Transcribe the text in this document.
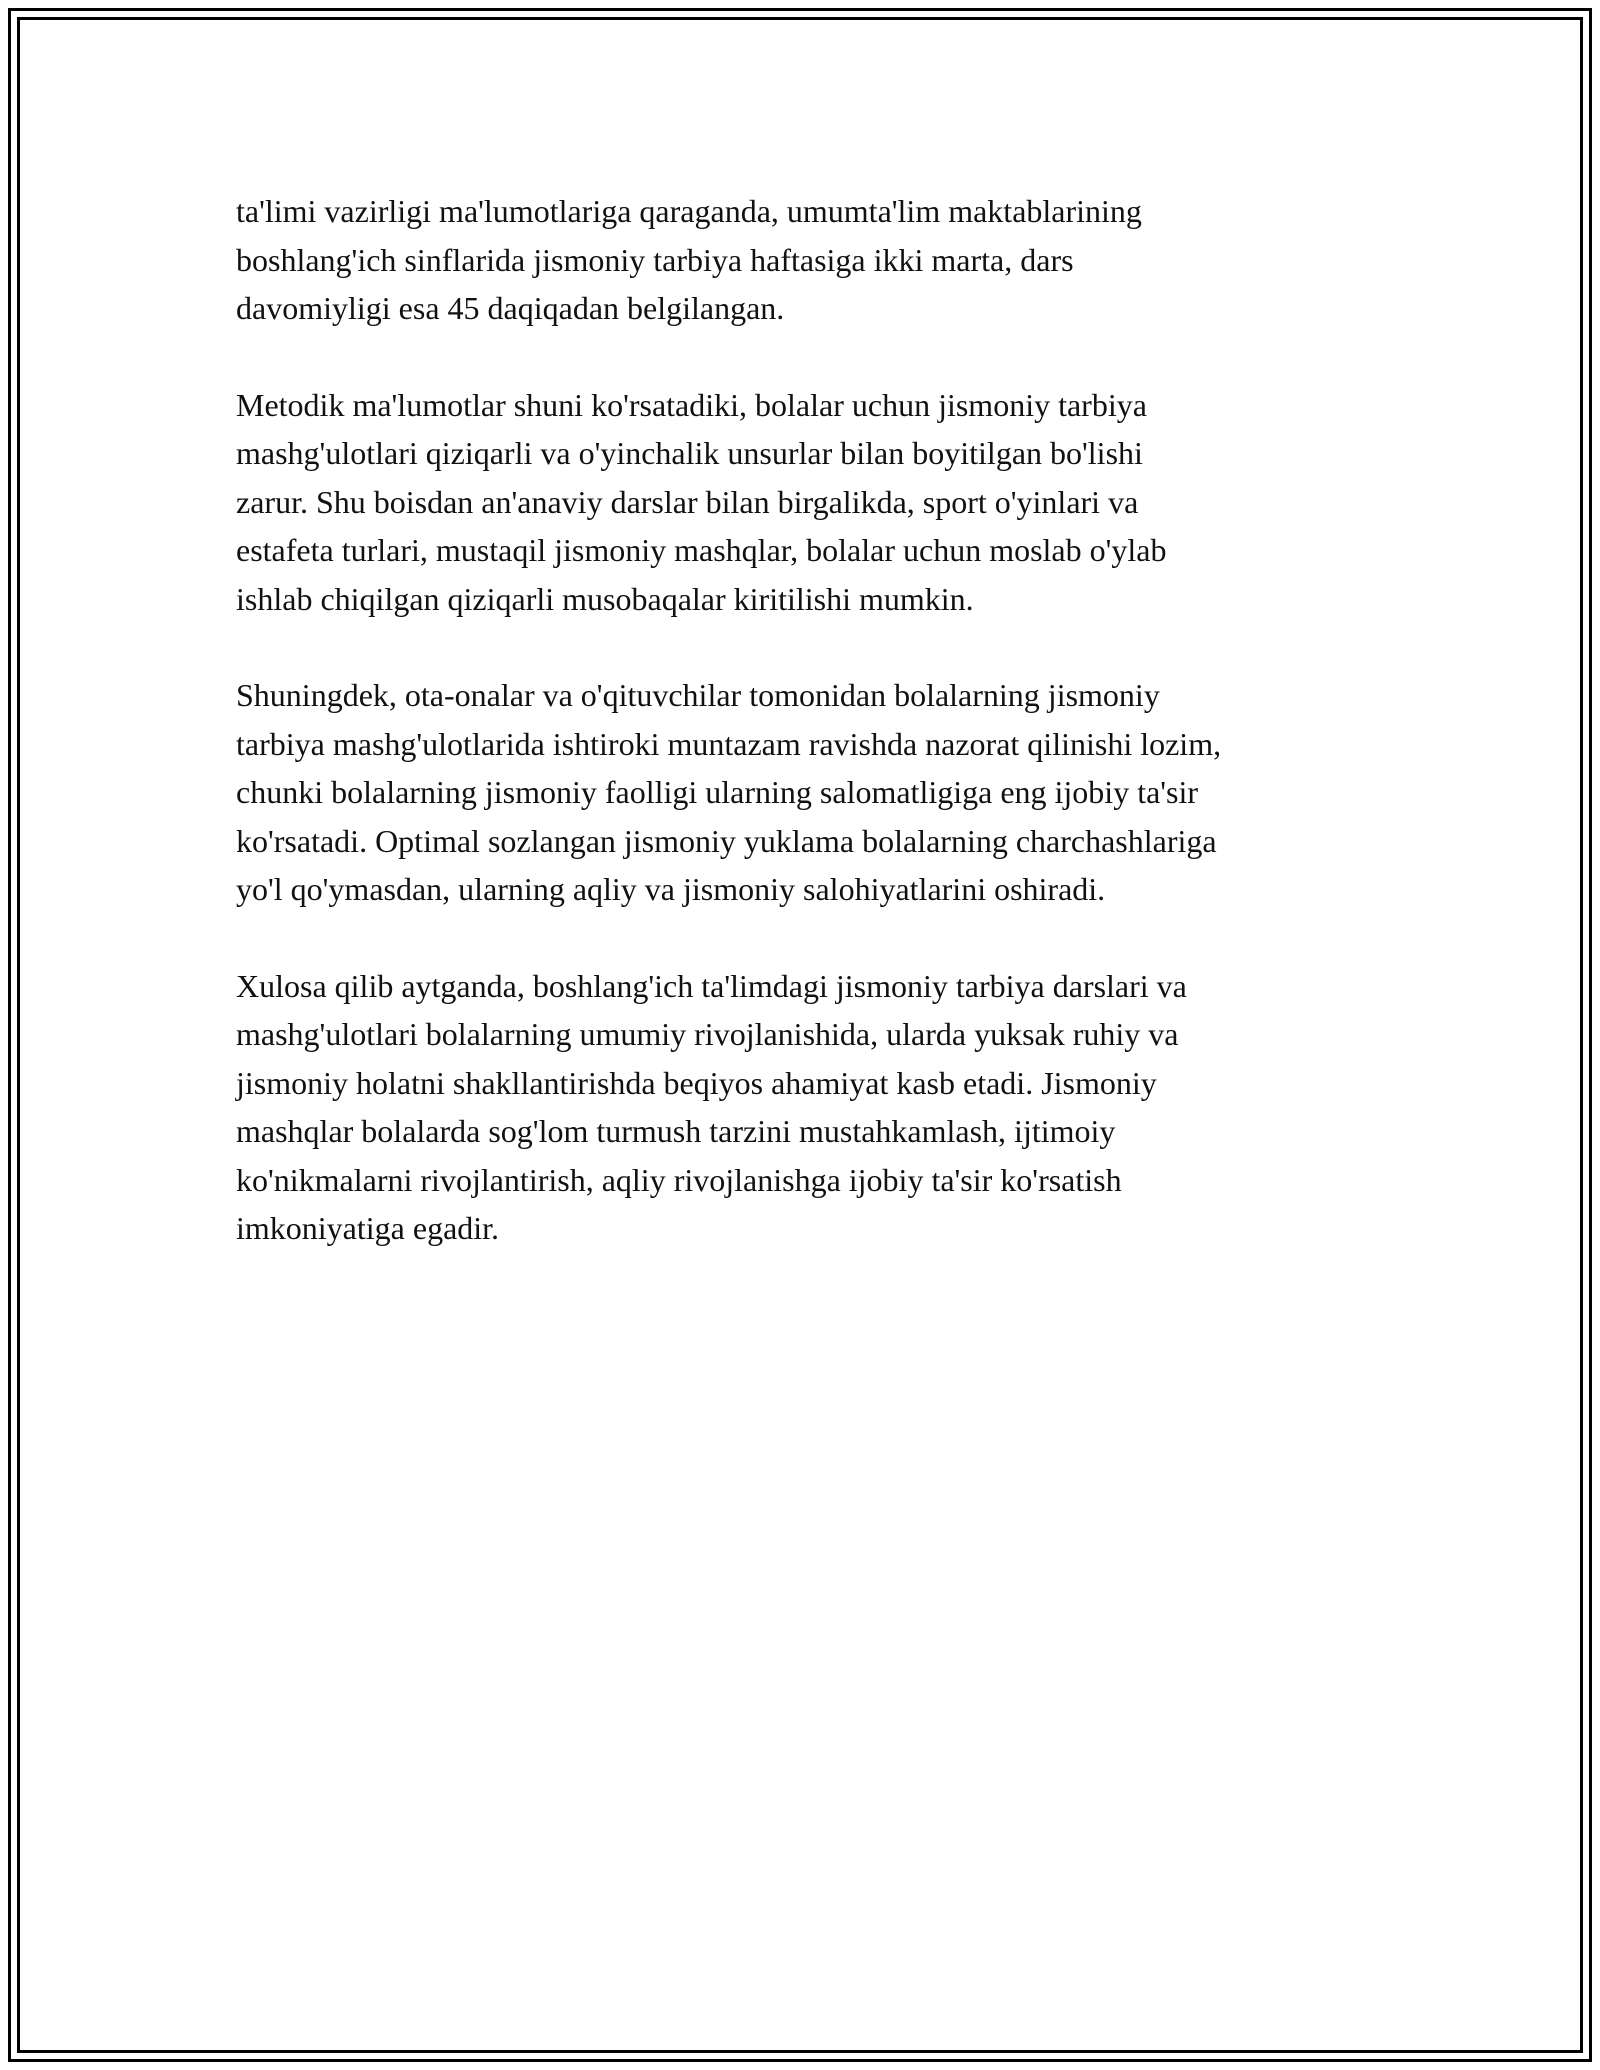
ta'limi vazirligi ma'lumotlariga qaraganda, umumta'lim maktablarining
boshlang'ich sinflarida jismoniy tarbiya haftasiga ikki marta, dars
davomiyligi esa 45 daqiqadan belgilangan.

Metodik ma'lumotlar shuni ko'rsatadiki, bolalar uchun jismoniy tarbiya
mashg'ulotlari qiziqarli va o'yinchalik unsurlar bilan boyitilgan bo'lishi
zarur. Shu boisdan an'anaviy darslar bilan birgalikda, sport o'yinlari va
estafeta turlari, mustaqil jismoniy mashqlar, bolalar uchun moslab o'ylab
ishlab chiqilgan qiziqarli musobaqalar kiritilishi mumkin.

Shuningdek, ota-onalar va o'qituvchilar tomonidan bolalarning jismoniy
tarbiya mashg'ulotlarida ishtiroki muntazam ravishda nazorat qilinishi lozim,
chunki bolalarning jismoniy faolligi ularning salomatligiga eng ijobiy ta'sir
ko'rsatadi. Optimal sozlangan jismoniy yuklama bolalarning charchashlariga
yo'l qo'ymasdan, ularning aqliy va jismoniy salohiyatlarini oshiradi.

Xulosa qilib aytganda, boshlang'ich ta'limdagi jismoniy tarbiya darslari va
mashg'ulotlari bolalarning umumiy rivojlanishida, ularda yuksak ruhiy va
jismoniy holatni shakllantirishda beqiyos ahamiyat kasb etadi. Jismoniy
mashqlar bolalarda sog'lom turmush tarzini mustahkamlash, ijtimoiy
ko'nikmalarni rivojlantirish, aqliy rivojlanishga ijobiy ta'sir ko'rsatish
imkoniyatiga egadir.
